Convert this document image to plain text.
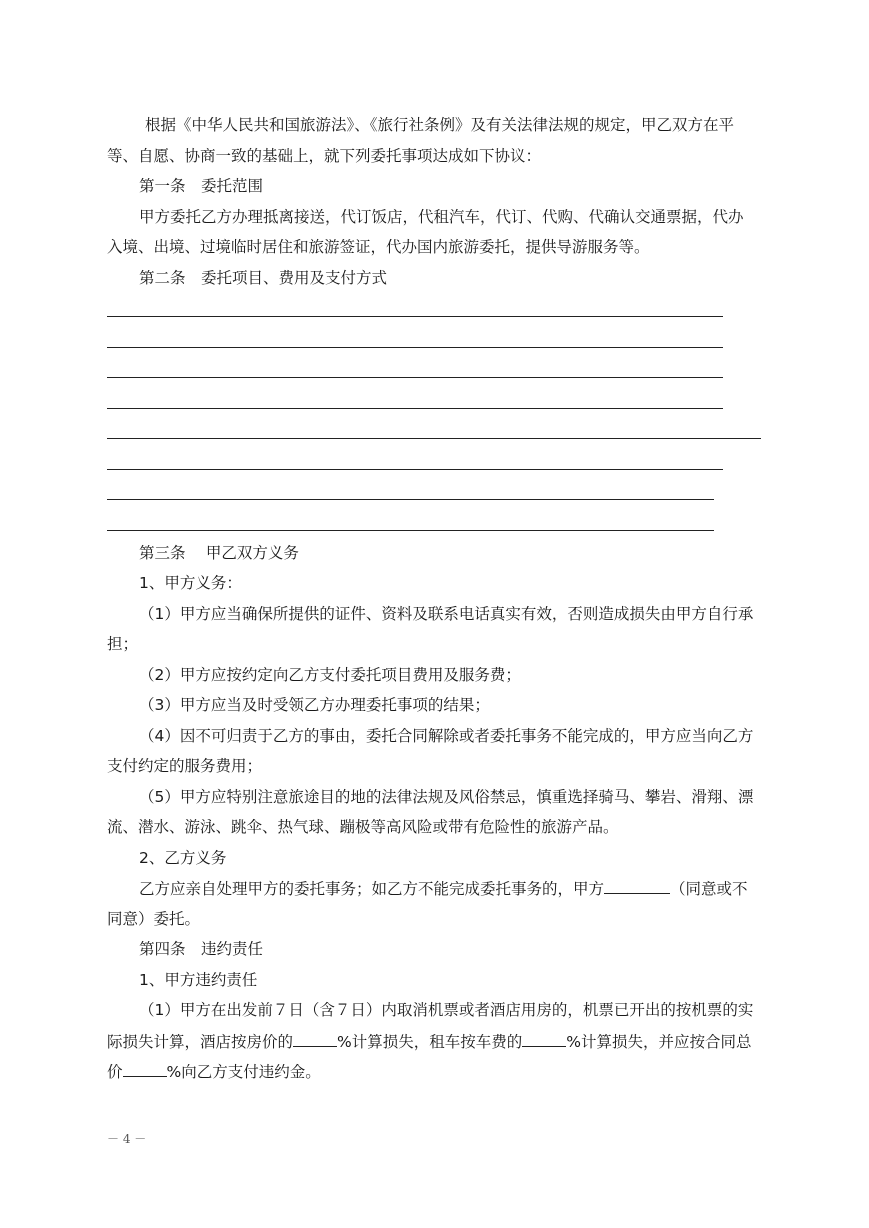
根据《中华人民共和国旅游法》、《旅行社条例》及有关法律法规的规定，甲乙双方在平
等、自愿、协商一致的基础上，就下列委托事项达成如下协议：
第一条　委托范围
甲方委托乙方办理抵离接送，代订饭店，代租汽车，代订、代购、代确认交通票据，代办
入境、出境、过境临时居住和旅游签证，代办国内旅游委托，提供导游服务等。
第二条　委托项目、费用及支付方式
第三条　 甲乙双方义务
1、甲方义务：
（1）甲方应当确保所提供的证件、资料及联系电话真实有效，否则造成损失由甲方自行承
担；
（2）甲方应按约定向乙方支付委托项目费用及服务费；
（3）甲方应当及时受领乙方办理委托事项的结果；
（4）因不可归责于乙方的事由，委托合同解除或者委托事务不能完成的，甲方应当向乙方
支付约定的服务费用；
（5）甲方应特别注意旅途目的地的法律法规及风俗禁忌，慎重选择骑马、攀岩、滑翔、漂
流、潜水、游泳、跳伞、热气球、蹦极等高风险或带有危险性的旅游产品。
2、乙方义务
乙方应亲自处理甲方的委托事务；如乙方不能完成委托事务的，甲方	（同意或不
同意）委托。
第四条　违约责任
1、甲方违约责任
（1）甲方在出发前７日（含７日）内取消机票或者酒店用房的，机票已开出的按机票的实
际损失计算，酒店按房价的	%计算损失，租车按车费的	%计算损失，并应按合同总
价	%向乙方支付违约金。
－ 4 －
